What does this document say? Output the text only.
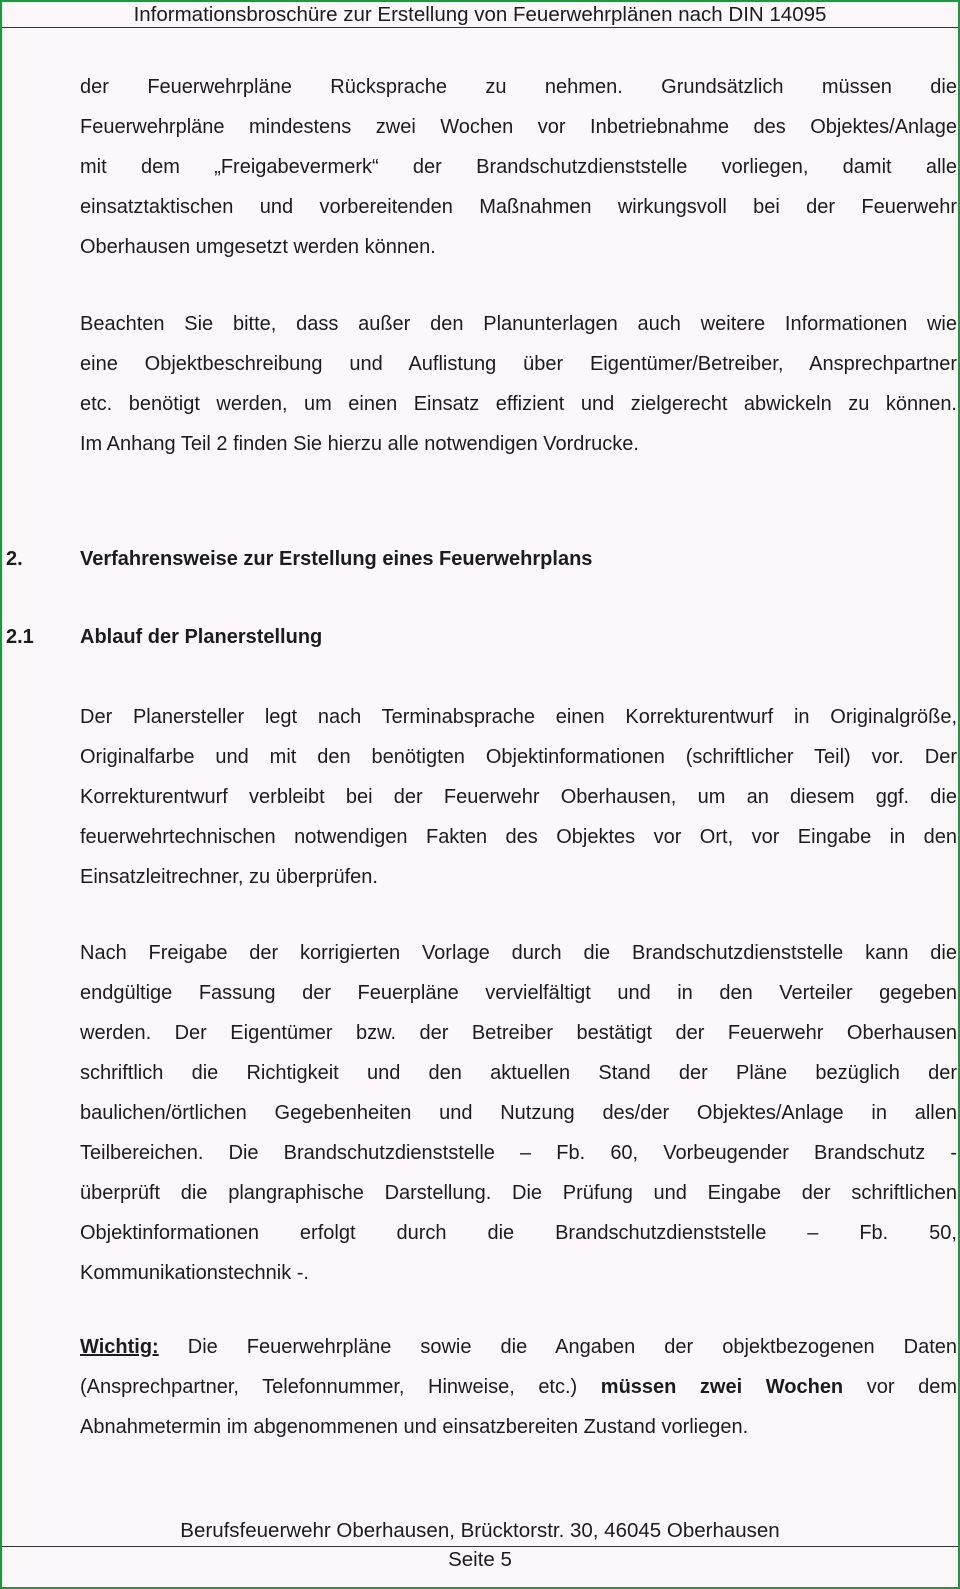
Informationsbroschüre zur Erstellung von Feuerwehrplänen nach DIN 14095
der Feuerwehrpläne Rücksprache zu nehmen. Grundsätzlich müssen die
Feuerwehrpläne mindestens zwei Wochen vor Inbetriebnahme des Objektes/Anlage
mit dem „Freigabevermerk“ der Brandschutzdienststelle vorliegen, damit alle
einsatztaktischen und vorbereitenden Maßnahmen wirkungsvoll bei der Feuerwehr
Oberhausen umgesetzt werden können.
Beachten Sie bitte, dass außer den Planunterlagen auch weitere Informationen wie
eine Objektbeschreibung und Auflistung über Eigentümer/Betreiber, Ansprechpartner
etc. benötigt werden, um einen Einsatz effizient und zielgerecht abwickeln zu können.
Im Anhang Teil 2 finden Sie hierzu alle notwendigen Vordrucke.
2.	Verfahrensweise zur Erstellung eines Feuerwehrplans
2.1 Ablauf der Planerstellung
Der Planersteller legt nach Terminabsprache einen Korrekturentwurf in Originalgröße,
Originalfarbe und mit den benötigten Objektinformationen (schriftlicher Teil) vor. Der
Korrekturentwurf verbleibt bei der Feuerwehr Oberhausen, um an diesem ggf. die
feuerwehrtechnischen notwendigen Fakten des Objektes vor Ort, vor Eingabe in den
Einsatzleitrechner, zu überprüfen.
Nach Freigabe der korrigierten Vorlage durch die Brandschutzdienststelle kann die
endgültige Fassung der Feuerpläne vervielfältigt und in den Verteiler gegeben
werden. Der Eigentümer bzw. der Betreiber bestätigt der Feuerwehr Oberhausen
schriftlich die Richtigkeit und den aktuellen Stand der Pläne bezüglich der
baulichen/örtlichen Gegebenheiten und Nutzung des/der Objektes/Anlage in allen
Teilbereichen. Die Brandschutzdienststelle – Fb. 60, Vorbeugender Brandschutz -
überprüft die plangraphische Darstellung. Die Prüfung und Eingabe der schriftlichen
Objektinformationen erfolgt durch die Brandschutzdienststelle – Fb. 50,
Kommunikationstechnik -.
Wichtig: Die Feuerwehrpläne sowie die Angaben der objektbezogenen Daten
(Ansprechpartner, Telefonnummer, Hinweise, etc.) müssen zwei Wochen vor dem
Abnahmetermin im abgenommenen und einsatzbereiten Zustand vorliegen.
Berufsfeuerwehr Oberhausen, Brücktorstr. 30, 46045 Oberhausen
Seite 5
